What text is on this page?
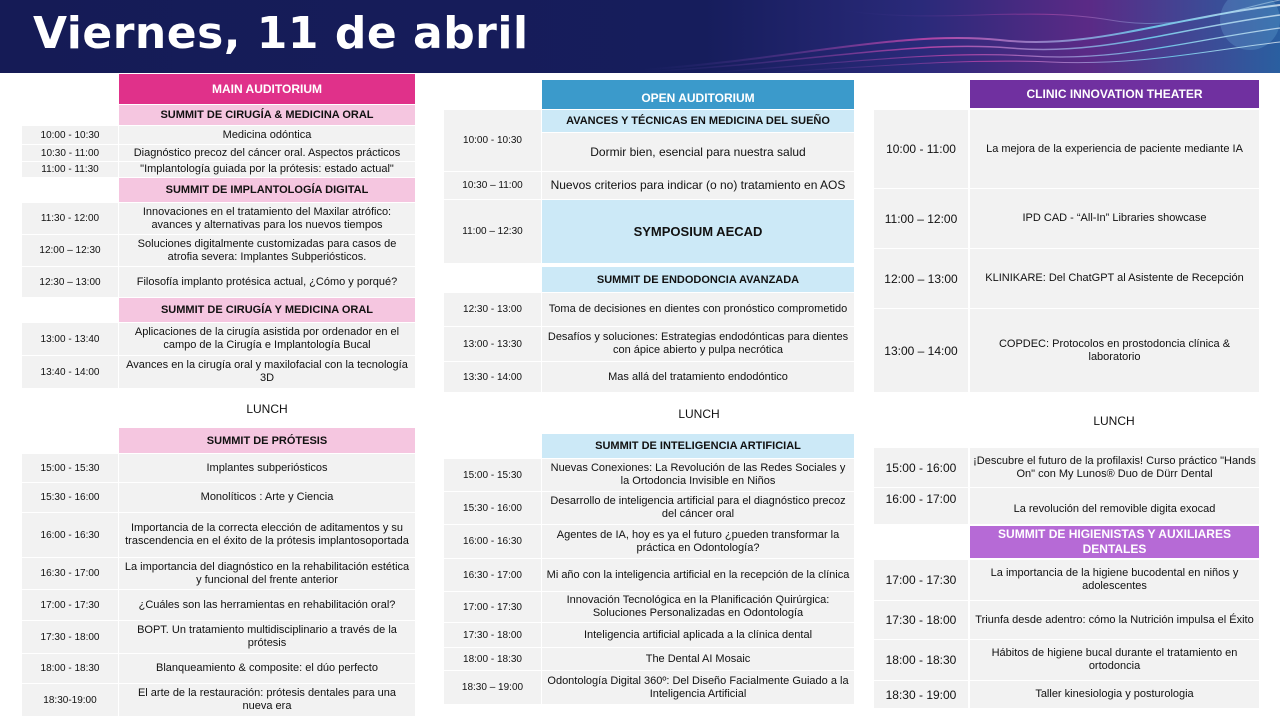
Viernes, 11 de abril
MAIN AUDITORIUM
SUMMIT DE CIRUGÍA & MEDICINA ORAL
10:00 - 10:30	Medicina odóntica
10:30 - 11:00	Diagnóstico precoz del cáncer oral. Aspectos prácticos
11:00 - 11:30	"Implantología guiada por la prótesis: estado actual"
SUMMIT DE IMPLANTOLOGÍA DIGITAL
11:30 - 12:00
Innovaciones en el tratamiento del Maxilar atrófico: avances y alternativas para los nuevos tiempos
12:00 – 12:30
Soluciones digitalmente customizadas para casos de atrofia severa: Implantes Subperiósticos.
12:30 – 13:00	Filosofía implanto protésica actual, ¿Cómo y porqué?
SUMMIT DE CIRUGÍA Y MEDICINA ORAL
13:00 - 13:40
Aplicaciones de la cirugía asistida por ordenador en el campo de la Cirugía e Implantología Bucal
13:40 - 14:00
Avances en la cirugía oral y maxilofacial con la tecnología 3D
LUNCH
SUMMIT DE PRÓTESIS
15:00 - 15:30	Implantes subperiósticos
15:30 - 16:00	Monolíticos : Arte y Ciencia
16:00 - 16:30
Importancia de la correcta elección de aditamentos y su trascendencia en el éxito de la prótesis implantosoportada
16:30 - 17:00
La importancia del diagnóstico en la rehabilitación estética y funcional del frente anterior
17:00 - 17:30	¿Cuáles son las herramientas en rehabilitación oral?
17:30 - 18:00
BOPT. Un tratamiento multidisciplinario a través de la prótesis
18:00 - 18:30	Blanqueamiento & composite: el dúo perfecto
18:30-19:00
El arte de la restauración: prótesis dentales para una nueva era
OPEN AUDITORIUM
AVANCES Y TÉCNICAS EN MEDICINA DEL SUEÑO
10:00 - 10:30
Dormir bien, esencial para nuestra salud
10:30 – 11:00	Nuevos criterios para indicar (o no) tratamiento en AOS
11:00 – 12:30	SYMPOSIUM AECAD
SUMMIT DE ENDODONCIA AVANZADA
12:30 - 13:00	Toma de decisiones en dientes con pronóstico comprometido
13:00 - 13:30
Desafíos y soluciones: Estrategias endodónticas para dientes con ápice abierto y pulpa necrótica
13:30 - 14:00	Mas allá del tratamiento endodóntico
LUNCH
SUMMIT DE INTELIGENCIA ARTIFICIAL
15:00 - 15:30
Nuevas Conexiones: La Revolución de las Redes Sociales y la Ortodoncia Invisible en Niños
15:30 - 16:00
Desarrollo de inteligencia artificial para el diagnóstico precoz del cáncer oral
16:00 - 16:30
Agentes de IA, hoy es ya el futuro ¿pueden transformar la práctica en Odontología?
16:30 - 17:00	Mi año con la inteligencia artificial en la recepción de la clínica
17:00 - 17:30
Innovación Tecnológica en la Planificación Quirúrgica: Soluciones Personalizadas en Odontología
17:30 - 18:00	Inteligencia artificial aplicada a la clínica dental
18:00 - 18:30	The Dental AI Mosaic
18:30 – 19:00
Odontología Digital 360º: Del Diseño Facialmente Guiado a la Inteligencia Artificial
CLINIC INNOVATION THEATER
10:00 - 11:00	La mejora de la experiencia de paciente mediante IA
11:00 – 12:00	IPD CAD - “All-In” Libraries showcase
12:00 – 13:00	KLINIKARE: Del ChatGPT al Asistente de Recepción
13:00 – 14:00	COPDEC: Protocolos en prostodoncia clínica & laboratorio
LUNCH
15:00 - 16:00	¡Descubre el futuro de la profilaxis! Curso práctico "Hands On" con My Lunos® Duo de Dürr Dental
16:00 - 17:00
La revolución del removible digita exocad
SUMMIT DE HIGIENISTAS Y AUXILIARES DENTALES
17:00 - 17:30	La importancia de la higiene bucodental en niños y adolescentes
17:30 - 18:00	Triunfa desde adentro: cómo la Nutrición impulsa el Éxito
18:00 - 18:30	Hábitos de higiene bucal durante el tratamiento en ortodoncia
18:30 - 19:00	Taller kinesiologia y posturologia
